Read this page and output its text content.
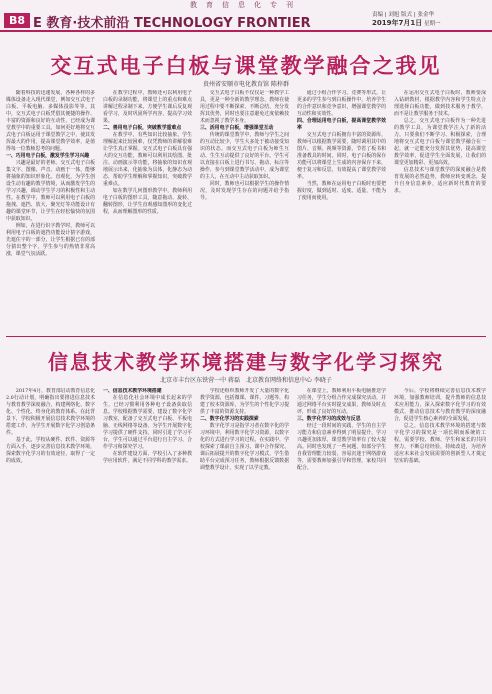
教育信息化专刊
B8 E 教育·技术前沿 TECHNOLOGY FRONTIER
责编 | 刘旭 版式 | 张金华
2019年7月1日 星期一
交互式电子白板与课堂教学融合之我见
贵州省安顺市电化教育馆 陈梓群

随着科技的迅速发展，各种各样的多媒体设备走入现代课堂，例如交互式电子白板、平板电脑、多媒体投影等等。其中，交互式电子白板凭借其便捷的操作、丰富的资源和良好的互动性，已经成为课堂教学中的重要工具。如何更好地将交互式电子白板运用于课堂教学之中，使其发挥最大的作用，提高课堂教学效率，是值得每一位教师思考的问题。

一、巧用电子白板，激发学生学习兴趣

兴趣是最好的老师。交互式电子白板集文字、图像、声音、动画于一体，能够将抽象的知识形象化、直观化，为学生创设生动有趣的教学情境，从而激发学生的学习兴趣，调动学生学习的积极性和主动性。在教学中，教师可以利用电子白板的拖拽、遮挡、放大、聚光灯等功能设计有趣的课堂环节，让学生在轻松愉快的氛围中获取知识。

例如，在进行识字教学时，教师可以利用电子白板的遮挡功能设计猜字游戏，先遮住字的一部分，让学生根据已有的部分猜出整个字，学生参与的热情非常高涨，课堂气氛活跃。

在教学过程中，教师还可以利用电子白板的录制功能，将课堂上的重点和难点讲解过程录制下来，方便学生课后反复观看学习，及时巩固所学内容，提高学习效果。

二、善用电子白板，突破教学重难点

在教学中，有些知识比较抽象，学生理解起来比较困难，仅凭教师的讲解很难让学生真正掌握。交互式电子白板具有强大的交互功能，教师可以利用其绘图、批注、动画演示等功能，将抽象的知识直观地展示出来，化抽象为具体，化静态为动态，帮助学生理解和掌握知识，突破教学重难点。

如在数学几何图形教学中，教师利用电子白板的图形工具，随意拖动、旋转、翻转图形，让学生直观感知图形的变化过程，从而理解图形的性质。

交互式电子白板不仅仅是一种教学工具，更是一种全新的教学理念，教师在使用过程中要不断探索、不断总结，充分发挥其优势，同时也要注意避免过度依赖技术而忽视了教学本身。

三、活用电子白板，增强课堂互动

传统的课堂教学中，教师与学生之间的互动比较少，学生大多处于被动接受知识的状态。而交互式电子白板为师生互动、生生互动提供了良好的平台。学生可以直接在白板上进行书写、拖动、标注等操作，参与到课堂教学活动中，成为课堂的主人，在互动中主动获取知识。

同时，教师也可以根据学生的操作情况，及时发现学生存在的问题并给予指导。

通过小组合作学习、竞赛等形式，让更多的学生参与到白板操作中，培养学生的合作意识和竞争意识，增强课堂教学的互动性和实效性。

四、合理运用电子白板，提高课堂教学效率

交互式电子白板拥有丰富的资源库，教师可以根据教学需要，随时调用其中的图片、音频、视频等资源，节省了板书和准备教具的时间。同时，电子白板的保存功能可以将课堂上生成的内容保存下来，便于复习和反思，有效提高了课堂教学效率。

当然，教师在运用电子白板时也要把握好度，做到适时、适度、适量，不能为了使用而使用。

在运用交互式电子白板时，教师要深入钻研教材，根据教学内容和学生特点合理选择白板功能，做到技术服务于教学，而不是让教学服务于技术。

总之，交互式电子白板作为一种先进的教学工具，为课堂教学注入了新的活力。只要我们不断学习、积极探索，合理地将交互式电子白板与课堂教学融合在一起，就一定能充分发挥其优势，提高课堂教学效率，促进学生全面发展，让我们的课堂更加精彩、更加高效。

信息技术与课堂教学的深度融合是教育发展的必然趋势，教师应转变观念，提升自身信息素养，适应新时代教育的要求。

信息技术教学环境搭建与数字化学习探究
北京市丰台区东铁营一中 蒋磊　北京教育网络和信息中心 李晓子

2017年4月，教育部启动教育信息化2.0行动计划，明确指出要推进信息技术与教育教学深度融合，构建网络化、数字化、个性化、终身化的教育体系。在此背景下，学校积极开展信息技术教学环境的搭建工作，为学生开展数字化学习创造条件。

基于此，学校从硬件、软件、资源等方面入手，逐步完善信息技术教学环境，探索数字化学习的有效途径，取得了一定的成效。

一、信息技术教学环境搭建

在信息化社会环境中成长起来的学生，已经习惯利用各种电子设备获取信息。学校根据教学需要，建设了数字化学习教室，配备了交互式电子白板、平板电脑、无线网络等设备，为学生开展数字化学习提供了硬件支持。同时引进了学习平台，学生可以通过平台进行自主学习、合作学习和探究学习。

在软件建设方面，学校引入了多种教学应用软件，满足不同学科的教学需求。

学校还组织教师开发了大量的数字化教学资源，包括微课、课件、习题等，构建了校本资源库，为学生的个性化学习提供了丰富的资源支持。

二、数字化学习的实践探索

数字化学习是指学习者在数字化的学习环境中，利用数字化学习资源，以数字化的方式进行学习的过程。在实践中，学校探索了课前自主预习、课中合作探究、课后拓展提升的数字化学习模式，学生借助平台完成预习任务，教师根据反馈数据调整教学设计，实现了以学定教。

在课堂上，教师利用平板电脑推送学习任务，学生分组合作完成探究活动，并通过网络平台实时提交成果，教师及时点评，形成了良好的互动。

三、数字化学习的成效与反思

经过一段时间的实践，学生的自主学习能力和信息素养得到了明显提升，学习兴趣更加浓厚，课堂教学效率有了较大提高。同时也发现了一些问题，如部分学生自我管理能力较弱，容易沉迷于网络游戏等，需要教师加强引导和管理，家校共同配合。

今后，学校将继续完善信息技术教学环境，加强教师培训，提升教师的信息技术应用能力，深入探索数字化学习的有效模式，推动信息技术与教育教学的深度融合，促进学生核心素养的全面发展。

总之，信息技术教学环境的搭建与数字化学习的探究是一项长期而系统的工程，需要学校、教师、学生和家长的共同努力，不断总结经验，持续改进，为培养适应未来社会发展需要的创新型人才奠定坚实的基础。
